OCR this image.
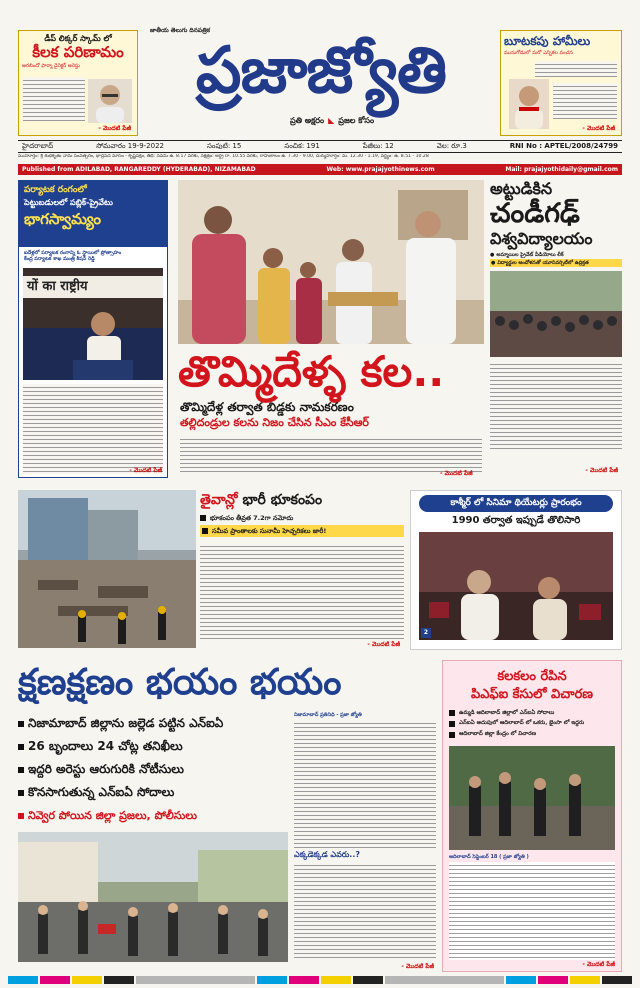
డీప్ లిక్కర్ స్కామ్ లో
కీలక పరిణామం
అరబిందో ఫార్మా డైరెక్టర్ అరెస్టు
- మొదటి పేజీ
జాతీయ తెలుగు దినపత్రిక
ప్రజాజ్యోతి
ప్రతి అక్షరం ◣ ప్రజల కోసం
బూటకపు హామీలు
మునుగోడులో మరో ఎన్నికల వంచన
- మొదటి పేజీ
హైదరాబాద్	సోమవారం 19-9-2022	సంపుటి: 15	సంచిక: 191	పేజీలు: 12	వెల: రూ.3	RNI No : APTEL/2008/24799
ముహూర్తం: శ్రీ శుభకృతు నామ సంవత్సరం, భాద్రపద మాసం - కృష్ణపక్షం, తిథి: నవమి ఉ. 8.17 వరకు, నక్షత్రం: ఆర్ద్ర రా. 10.55 వరకు, రాహుకాలం ఉ. 7.30 - 9.00, దుర్ముహూర్తం: మ. 12.30 - 1.19, వర్జ్యం: ఉ. 8.51 - 10.28
Published from ADILABAD, RANGAREDDY (HYDERABAD), NIZAMABAD	Web: www.prajajyothinews.com	Mail: prajajyothidaily@gmail.com
పర్యాటక రంగంలో
పెట్టుబడులలో పబ్లిక్-ప్రైవేటు
భాగస్వామ్యం
ఐదేళ్లలో పర్యాటక రంగాన్ని ఓ స్థాయిలో ప్రోత్సాహం
కేంద్ర పర్యాటక శాఖ మంత్రి కిషన్ రెడ్డి
यों का राष्ट्रीय
- మొదటి పేజీ
అట్టుడికిన
చండీగఢ్
విశ్వవిద్యాలయం
● అమ్మాయిల ప్రైవేట్ వీడియోలు లీక్
● విద్యార్థుల ఆందోళనతో యూనివర్సిటీలో ఉద్రిక్తత
- మొదటి పేజీ
తొమ్మిదేళ్ళ కల..
తొమ్మిదేళ్ల తర్వాత బిడ్డకు నామకరణం
తల్లిదండ్రుల కలను నిజం చేసిన సీఎం కేసీఆర్
- మొదటి పేజీ
తైవాన్లో భారీ భూకంపం
భూకంపం తీవ్రత 7.2గా నమోదు
సమీప ప్రాంతాలకు సునామీ హెచ్చరికలు జారీ!
- మొదటి పేజీ
కాశ్మీర్ లో సినిమా థియేటర్లు ప్రారంభం
1990 తర్వాత ఇప్పుడే తొలిసారి
2
క్షణక్షణం భయం భయం
నిజామాబాద్ జిల్లాను జల్లెడ పట్టిన ఎన్ఐఏ
26 బృందాలు 24 చోట్ల తనిఖీలు
ఇద్దరి అరెస్టు ఆరుగురికి నోటీసులు
కొనసాగుతున్న ఎన్ఐఏ సోదాలు
నివ్వెర పోయిన జిల్లా ప్రజలు, పోలీసులు
నిజామాబాద్ ప్రతినిధి - ప్రజా జ్యోతి
ఎక్కడెక్కడ ఎవరు..?
- మొదటి పేజీ
కలకలం రేపిన
పిఎఫ్ఐ కేసులో విచారణ
ఉమ్మడి ఆదిలాబాద్ జిల్లాలో ఎన్ఐఏ సోదాలు
ఎన్ఐఏ అదుపులో ఆదిలాబాద్ లో ఒకరు, భైంసా లో ఇద్దరు
ఆదిలాబాద్ జిల్లా కేంద్రం లో విచారణ
ఆదిలాబాద్ సెప్టెంబర్ 18 ( ప్రజా జ్యోతి )
- మొదటి పేజీ
